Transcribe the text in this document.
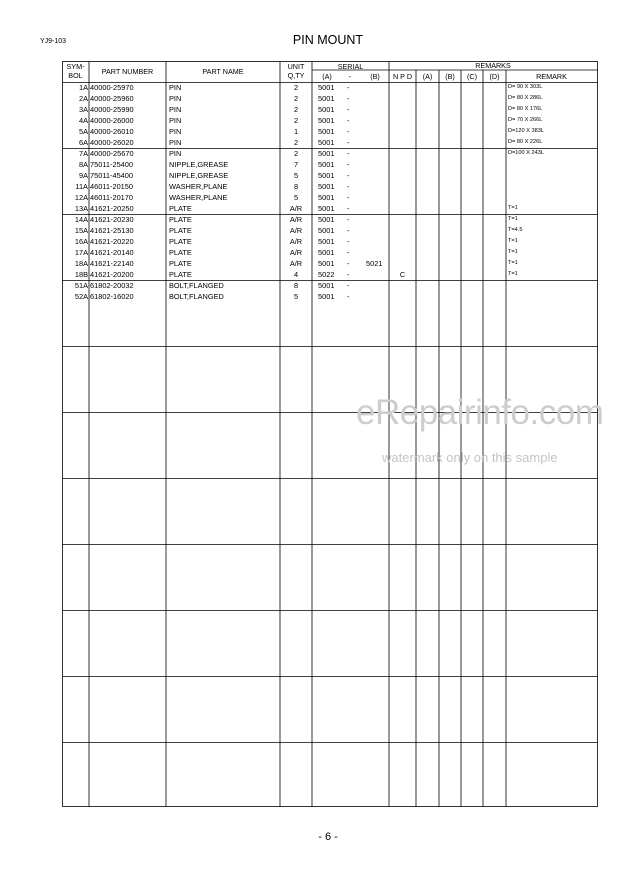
YJ9-103	PIN MOUNT
SYM-
BOL	PART NUMBER	PART NAME
UNIT
Q,TY
SERIAL
(A)	-	(B)
REMARKS
N P D	(A)	(B)	(C)	(D)	REMARK
1A 40000-25970	PIN	2	5001 -	D= 90 X 303L
2A 40000-25960	PIN	2	5001 -	D= 80 X 286L
3A 40000-25990	PIN	2	5001 -	D= 80 X 176L
4A 40000-26000	PIN	2	5001 -	D= 70 X 266L
5A 40000-26010	PIN	1	5001 -	D=120 X 383L
6A 40000-26020	PIN	2	5001 -	D= 80 X 226L
7A 40000-25670	PIN	2	5001 -	D=100 X 243L
8A 75011-25400	NIPPLE,GREASE	7	5001 -
9A 75011-45400	NIPPLE,GREASE	5	5001 -
11A 46011-20150	WASHER,PLANE	8	5001 -
12A 46011-20170	WASHER,PLANE	5	5001 -
13A 41621-20250	PLATE	A/R	5001 -	T=1
14A 41621-20230	PLATE	A/R	5001 -	T=1
15A 41621-25130	PLATE	A/R	5001 -	T=4.5
16A 41621-20220	PLATE	A/R	5001 -	T=1
17A 41621-20140	PLATE	A/R	5001 -	T=1
18A 41621-22140	PLATE	A/R	5001 - 5021	T=1
18B 41621-20200	PLATE	4	5022 -	C	T=1
51A 61802-20032	BOLT,FLANGED	8	5001 -
52A 61802-16020	BOLT,FLANGED	5	5001 -
eRepairinfo.com
watermark only on this sample
- 6 -
